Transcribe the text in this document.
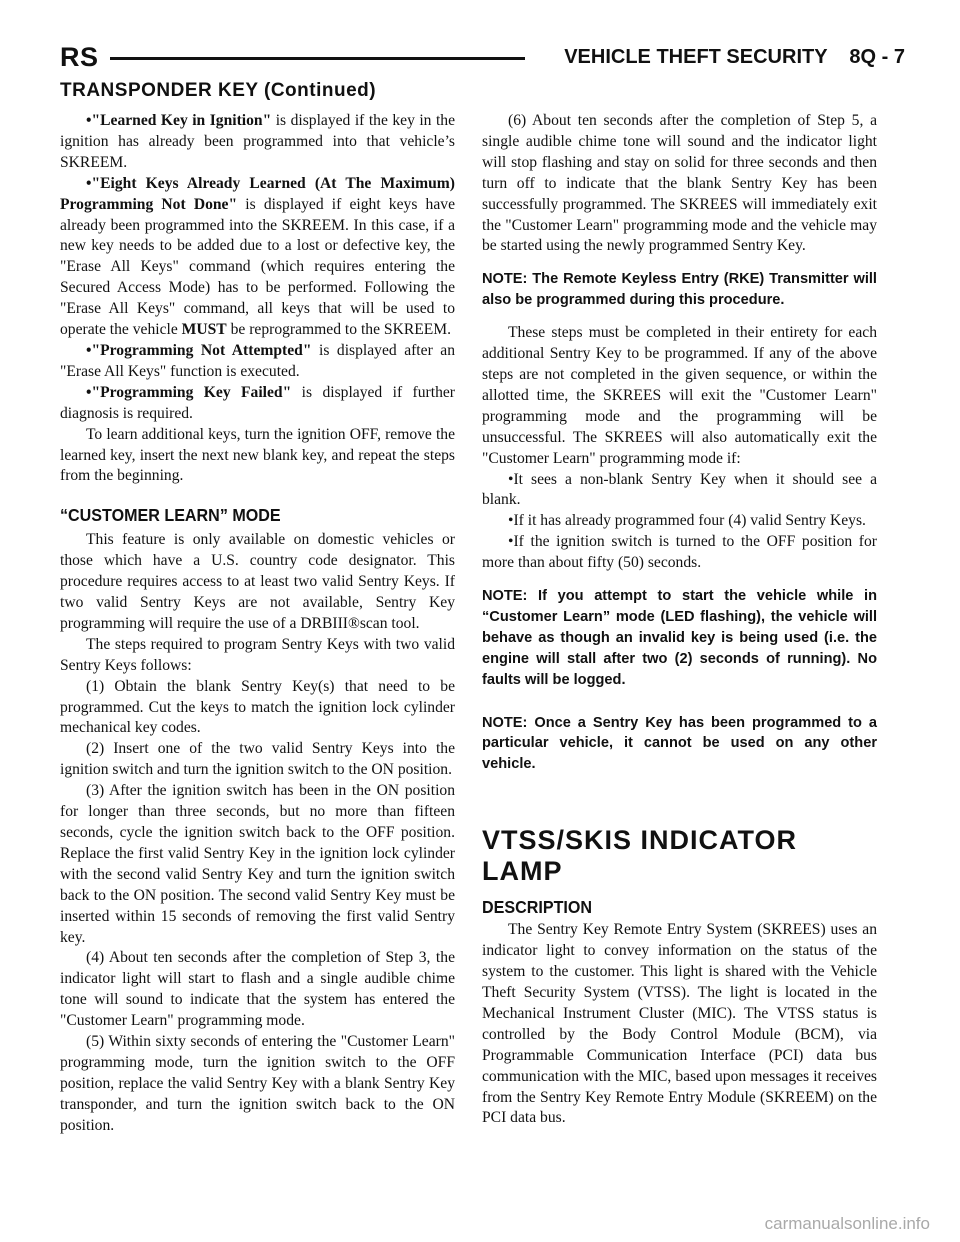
RS	VEHICLE THEFT SECURITY    8Q - 7
TRANSPONDER KEY (Continued)

•"Learned Key in Ignition" is displayed if the key in the ignition has already been programmed into that vehicle’s SKREEM.

•"Eight Keys Already Learned (At The Maximum) Programming Not Done" is displayed if eight keys have already been programmed into the SKREEM. In this case, if a new key needs to be added due to a lost or defective key, the "Erase All Keys" command (which requires entering the Secured Access Mode) has to be performed. Following the "Erase All Keys" command, all keys that will be used to operate the vehicle MUST be reprogrammed to the SKREEM.

•"Programming Not Attempted" is displayed after an "Erase All Keys" function is executed.

•"Programming Key Failed" is displayed if further diagnosis is required.

To learn additional keys, turn the ignition OFF, remove the learned key, insert the next new blank key, and repeat the steps from the beginning.

“CUSTOMER LEARN” MODE

This feature is only available on domestic vehicles or those which have a U.S. country code designator. This procedure requires access to at least two valid Sentry Keys. If two valid Sentry Keys are not available, Sentry Key programming will require the use of a DRBIII®scan tool.

The steps required to program Sentry Keys with two valid Sentry Keys follows:

(1) Obtain the blank Sentry Key(s) that need to be programmed. Cut the keys to match the ignition lock cylinder mechanical key codes.

(2) Insert one of the two valid Sentry Keys into the ignition switch and turn the ignition switch to the ON position.

(3) After the ignition switch has been in the ON position for longer than three seconds, but no more than fifteen seconds, cycle the ignition switch back to the OFF position. Replace the first valid Sentry Key in the ignition lock cylinder with the second valid Sentry Key and turn the ignition switch back to the ON position. The second valid Sentry Key must be inserted within 15 seconds of removing the first valid Sentry key.

(4) About ten seconds after the completion of Step 3, the indicator light will start to flash and a single audible chime tone will sound to indicate that the system has entered the "Customer Learn" programming mode.

(5) Within sixty seconds of entering the "Customer Learn" programming mode, turn the ignition switch to the OFF position, replace the valid Sentry Key with a blank Sentry Key transponder, and turn the ignition switch back to the ON position.

(6) About ten seconds after the completion of Step 5, a single audible chime tone will sound and the indicator light will stop flashing and stay on solid for three seconds and then turn off to indicate that the blank Sentry Key has been successfully programmed. The SKREES will immediately exit the "Customer Learn" programming mode and the vehicle may be started using the newly programmed Sentry Key.

NOTE: The Remote Keyless Entry (RKE) Transmitter will also be programmed during this procedure.

These steps must be completed in their entirety for each additional Sentry Key to be programmed. If any of the above steps are not completed in the given sequence, or within the allotted time, the SKREES will exit the "Customer Learn" programming mode and the programming will be unsuccessful. The SKREES will also automatically exit the "Customer Learn" programming mode if:

•It sees a non-blank Sentry Key when it should see a blank.

•If it has already programmed four (4) valid Sentry Keys.

•If the ignition switch is turned to the OFF position for more than about fifty (50) seconds.

NOTE: If you attempt to start the vehicle while in “Customer Learn” mode (LED flashing), the vehicle will behave as though an invalid key is being used (i.e. the engine will stall after two (2) seconds of running). No faults will be logged.

NOTE: Once a Sentry Key has been programmed to a particular vehicle, it cannot be used on any other vehicle.

VTSS/SKIS INDICATOR LAMP
DESCRIPTION

The Sentry Key Remote Entry System (SKREES) uses an indicator light to convey information on the status of the system to the customer. This light is shared with the Vehicle Theft Security System (VTSS). The light is located in the Mechanical Instrument Cluster (MIC). The VTSS status is controlled by the Body Control Module (BCM), via Programmable Communication Interface (PCI) data bus communication with the MIC, based upon messages it receives from the Sentry Key Remote Entry Module (SKREEM) on the PCI data bus.

carmanualsonline.info
